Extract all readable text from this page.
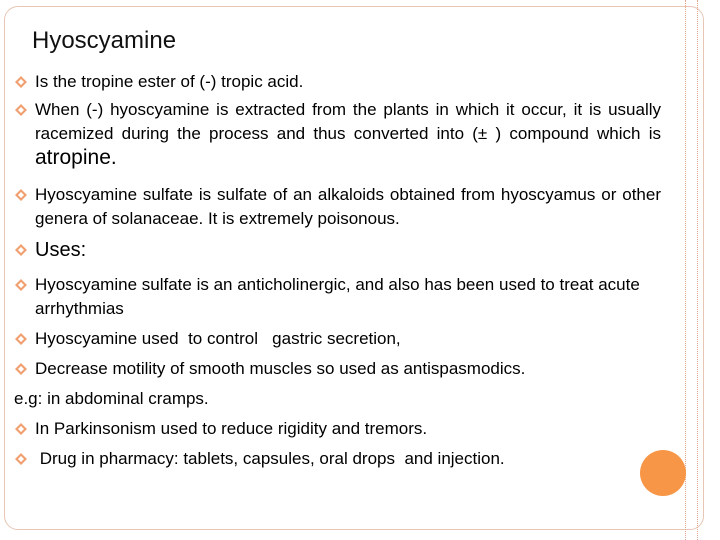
Hyoscyamine
Is the tropine ester of (-) tropic acid.
When (-) hyoscyamine is extracted from the plants in which it occur, it is usually racemized during the process and thus converted into (± ) compound which is atropine.
Hyoscyamine sulfate is sulfate of an alkaloids obtained from hyoscyamus or other genera of solanaceae. It is extremely poisonous.
Uses:
Hyoscyamine sulfate is an anticholinergic, and also has been used to treat acute arrhythmias
Hyoscyamine used  to control   gastric secretion,
Decrease motility of smooth muscles so used as antispasmodics.
e.g: in abdominal cramps.
In Parkinsonism used to reduce rigidity and tremors.
Drug in pharmacy: tablets, capsules, oral drops  and injection.
